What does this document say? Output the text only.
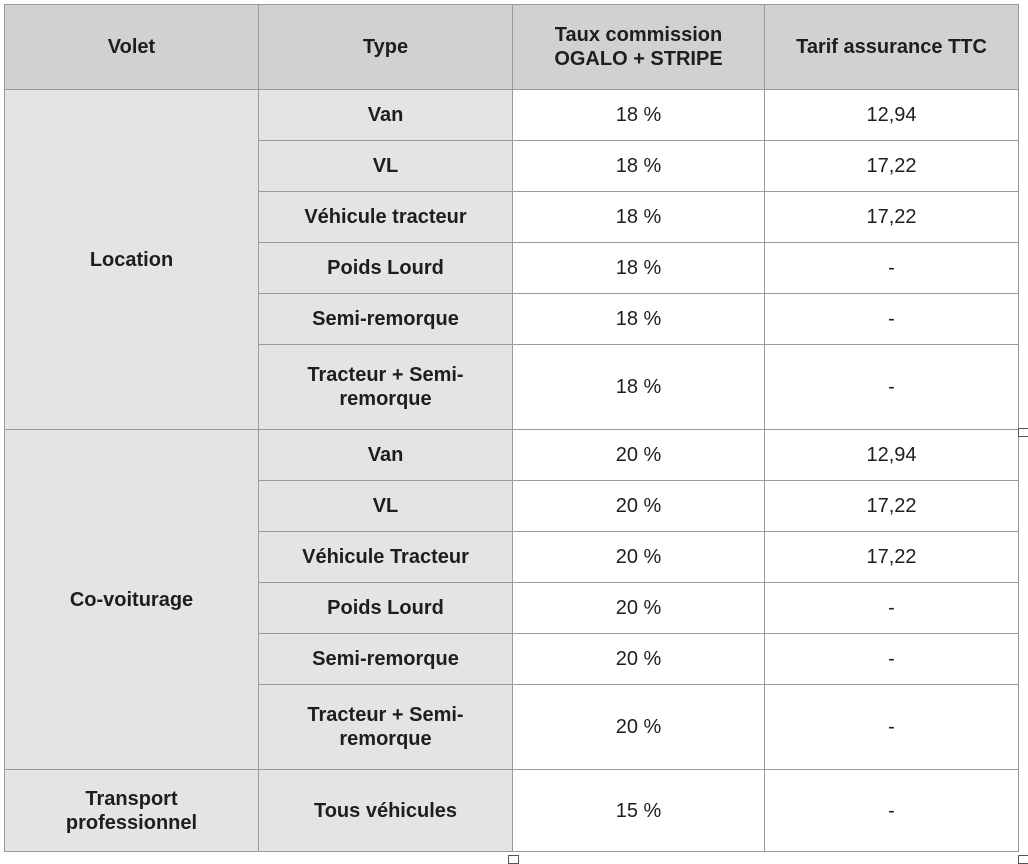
Volet	Type	Taux commission OGALO + STRIPE	Tarif assurance TTC
Location	Van	18 %	12,94
	VL	18 %	17,22
	Véhicule tracteur	18 %	17,22
	Poids Lourd	18 %	-
	Semi-remorque	18 %	-
	Tracteur + Semi-remorque	18 %	-
Co-voiturage	Van	20 %	12,94
	VL	20 %	17,22
	Véhicule Tracteur	20 %	17,22
	Poids Lourd	20 %	-
	Semi-remorque	20 %	-
	Tracteur + Semi-remorque	20 %	-
Transport professionnel	Tous véhicules	15 %	-
